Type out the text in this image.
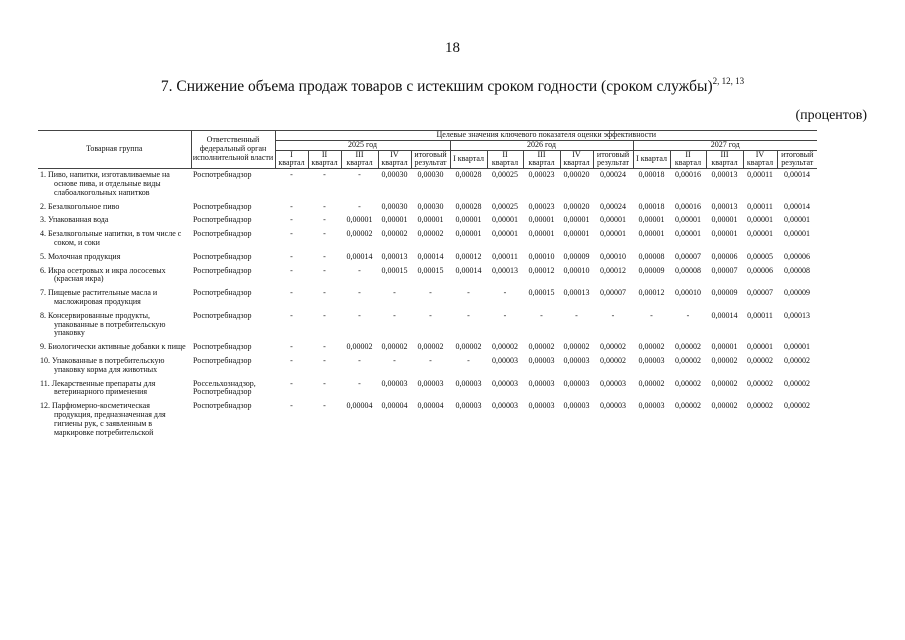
18
7. Снижение объема продаж товаров с истекшим сроком годности (сроком службы)$^{2, 12, 13}$
(процентов)
Товарная группа	Ответственный федеральный орган исполнительной власти	Целевые значения ключевого показателя оценки эффективности														
		2025 год					2026 год					2027 год				
		I квартал	II квартал	III квартал	IV квартал	итоговый результат	I квартал	II квартал	III квартал	IV квартал	итоговый результат	I квартал	II квартал	III квартал	IV квартал	итоговый результат

1. Пиво, напитки, изготавливаемые на основе пива, и отдельные виды слабоалкогольных напитков	Роспотребнадзор	-	-	-	0,00030	0,00030	0,00028	0,00025	0,00023	0,00020	0,00024	0,00018	0,00016	0,00013	0,00011	0,00014

2. Безалкогольное пиво	Роспотребнадзор	-	-	-	0,00030	0,00030	0,00028	0,00025	0,00023	0,00020	0,00024	0,00018	0,00016	0,00013	0,00011	0,00014

3. Упакованная вода	Роспотребнадзор	-	-	0,00001	0,00001	0,00001	0,00001	0,00001	0,00001	0,00001	0,00001	0,00001	0,00001	0,00001	0,00001	0,00001

4. Безалкогольные напитки, в том числе с соком, и соки	Роспотребнадзор	-	-	0,00002	0,00002	0,00002	0,00001	0,00001	0,00001	0,00001	0,00001	0,00001	0,00001	0,00001	0,00001	0,00001

5. Молочная продукция	Роспотребнадзор	-	-	0,00014	0,00013	0,00014	0,00012	0,00011	0,00010	0,00009	0,00010	0,00008	0,00007	0,00006	0,00005	0,00006

6. Икра осетровых и икра лососевых (красная икра)	Роспотребнадзор	-	-	-	0,00015	0,00015	0,00014	0,00013	0,00012	0,00010	0,00012	0,00009	0,00008	0,00007	0,00006	0,00008

7. Пищевые растительные масла и масложировая продукция	Роспотребнадзор	-	-	-	-	-	-	-	0,00015	0,00013	0,00007	0,00012	0,00010	0,00009	0,00007	0,00009

8. Консервированные продукты, упакованные в потребительскую упаковку	Роспотребнадзор	-	-	-	-	-	-	-	-	-	-	-	-	0,00014	0,00011	0,00013

9. Биологически активные добавки к пище	Роспотребнадзор	-	-	0,00002	0,00002	0,00002	0,00002	0,00002	0,00002	0,00002	0,00002	0,00002	0,00002	0,00001	0,00001	0,00001

10. Упакованные в потребительскую упаковку корма для животных	Роспотребнадзор	-	-	-	-	-	-	0,00003	0,00003	0,00003	0,00002	0,00003	0,00002	0,00002	0,00002	0,00002

11. Лекарственные препараты для ветеринарного применения	Россельхознадзор, Роспотребнадзор	-	-	-	0,00003	0,00003	0,00003	0,00003	0,00003	0,00003	0,00003	0,00002	0,00002	0,00002	0,00002	0,00002

12. Парфюмерно-косметическая продукция, предназначенная для гигиены рук, с заявленным в маркировке потребительской	Роспотребнадзор	-	-	0,00004	0,00004	0,00004	0,00003	0,00003	0,00003	0,00003	0,00003	0,00003	0,00002	0,00002	0,00002	0,00002
